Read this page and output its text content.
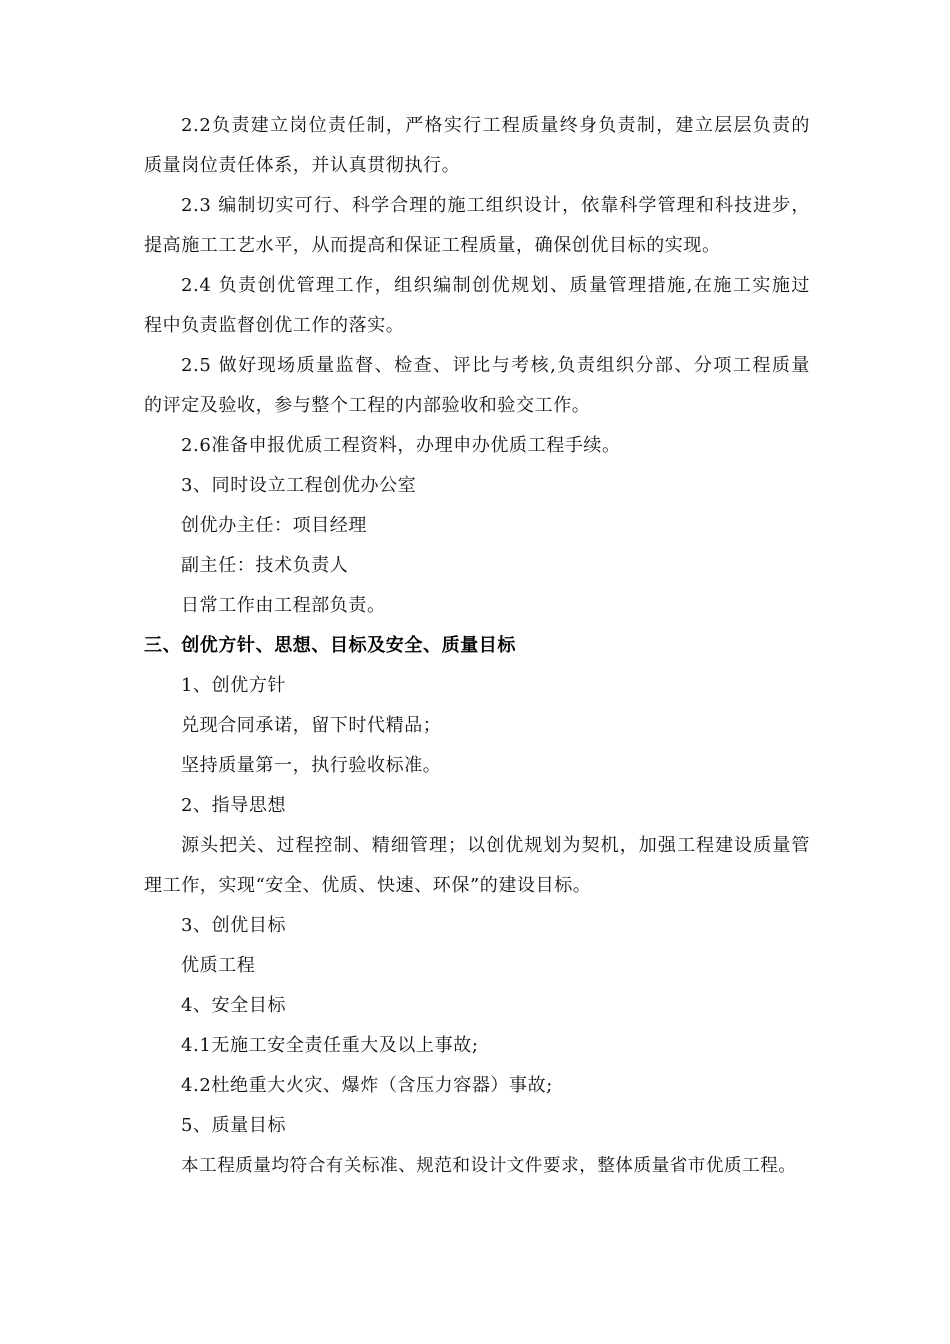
2.2负责建立岗位责任制，严格实行工程质量终身负责制，建立层层负责的
质量岗位责任体系，并认真贯彻执行。
2.3 编制切实可行、科学合理的施工组织设计，依靠科学管理和科技进步，
提高施工工艺水平，从而提高和保证工程质量，确保创优目标的实现。
2.4 负责创优管理工作，组织编制创优规划、质量管理措施,在施工实施过
程中负责监督创优工作的落实。
2.5 做好现场质量监督、检查、评比与考核,负责组织分部、分项工程质量
的评定及验收，参与整个工程的内部验收和验交工作。
2.6准备申报优质工程资料，办理申办优质工程手续。
3、同时设立工程创优办公室
创优办主任：项目经理
副主任：技术负责人
日常工作由工程部负责。
三、创优方针、思想、目标及安全、质量目标
1、创优方针
兑现合同承诺，留下时代精品；
坚持质量第一，执行验收标准。
2、指导思想
源头把关、过程控制、精细管理；以创优规划为契机，加强工程建设质量管
理工作，实现“安全、优质、快速、环保”的建设目标。
3、创优目标
优质工程
4、安全目标
4.1无施工安全责任重大及以上事故;
4.2杜绝重大火灾、爆炸（含压力容器）事故;
5、质量目标
本工程质量均符合有关标准、规范和设计文件要求，整体质量省市优质工程。
